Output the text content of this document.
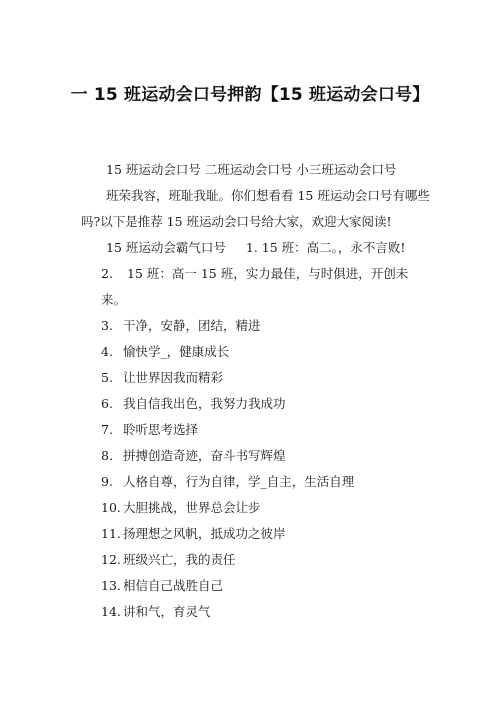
一 15 班运动会口号押韵【15 班运动会口号】

15 班运动会口号 二班运动会口号 小三班运动会口号

班荣我容，班耻我耻。你们想看看 15 班运动会口号有哪些吗?以下是推荐 15 班运动会口号给大家，欢迎大家阅读!

15 班运动会霸气口号 1. 15 班：高二。，永不言败!

2. 15 班：高一 15 班，实力最佳，与时俱进，开创未来。
3. 干净，安静，团结，精进
4. 愉快学_，健康成长
5. 让世界因我而精彩
6. 我自信我出色，我努力我成功
7. 聆听思考选择
8. 拼搏创造奇迹，奋斗书写辉煌
9. 人格自尊，行为自律，学_自主，生活自理
10. 大胆挑战，世界总会让步
11. 扬理想之风帆，抵成功之彼岸
12. 班级兴亡，我的责任
13. 相信自己战胜自己
14. 讲和气，育灵气
